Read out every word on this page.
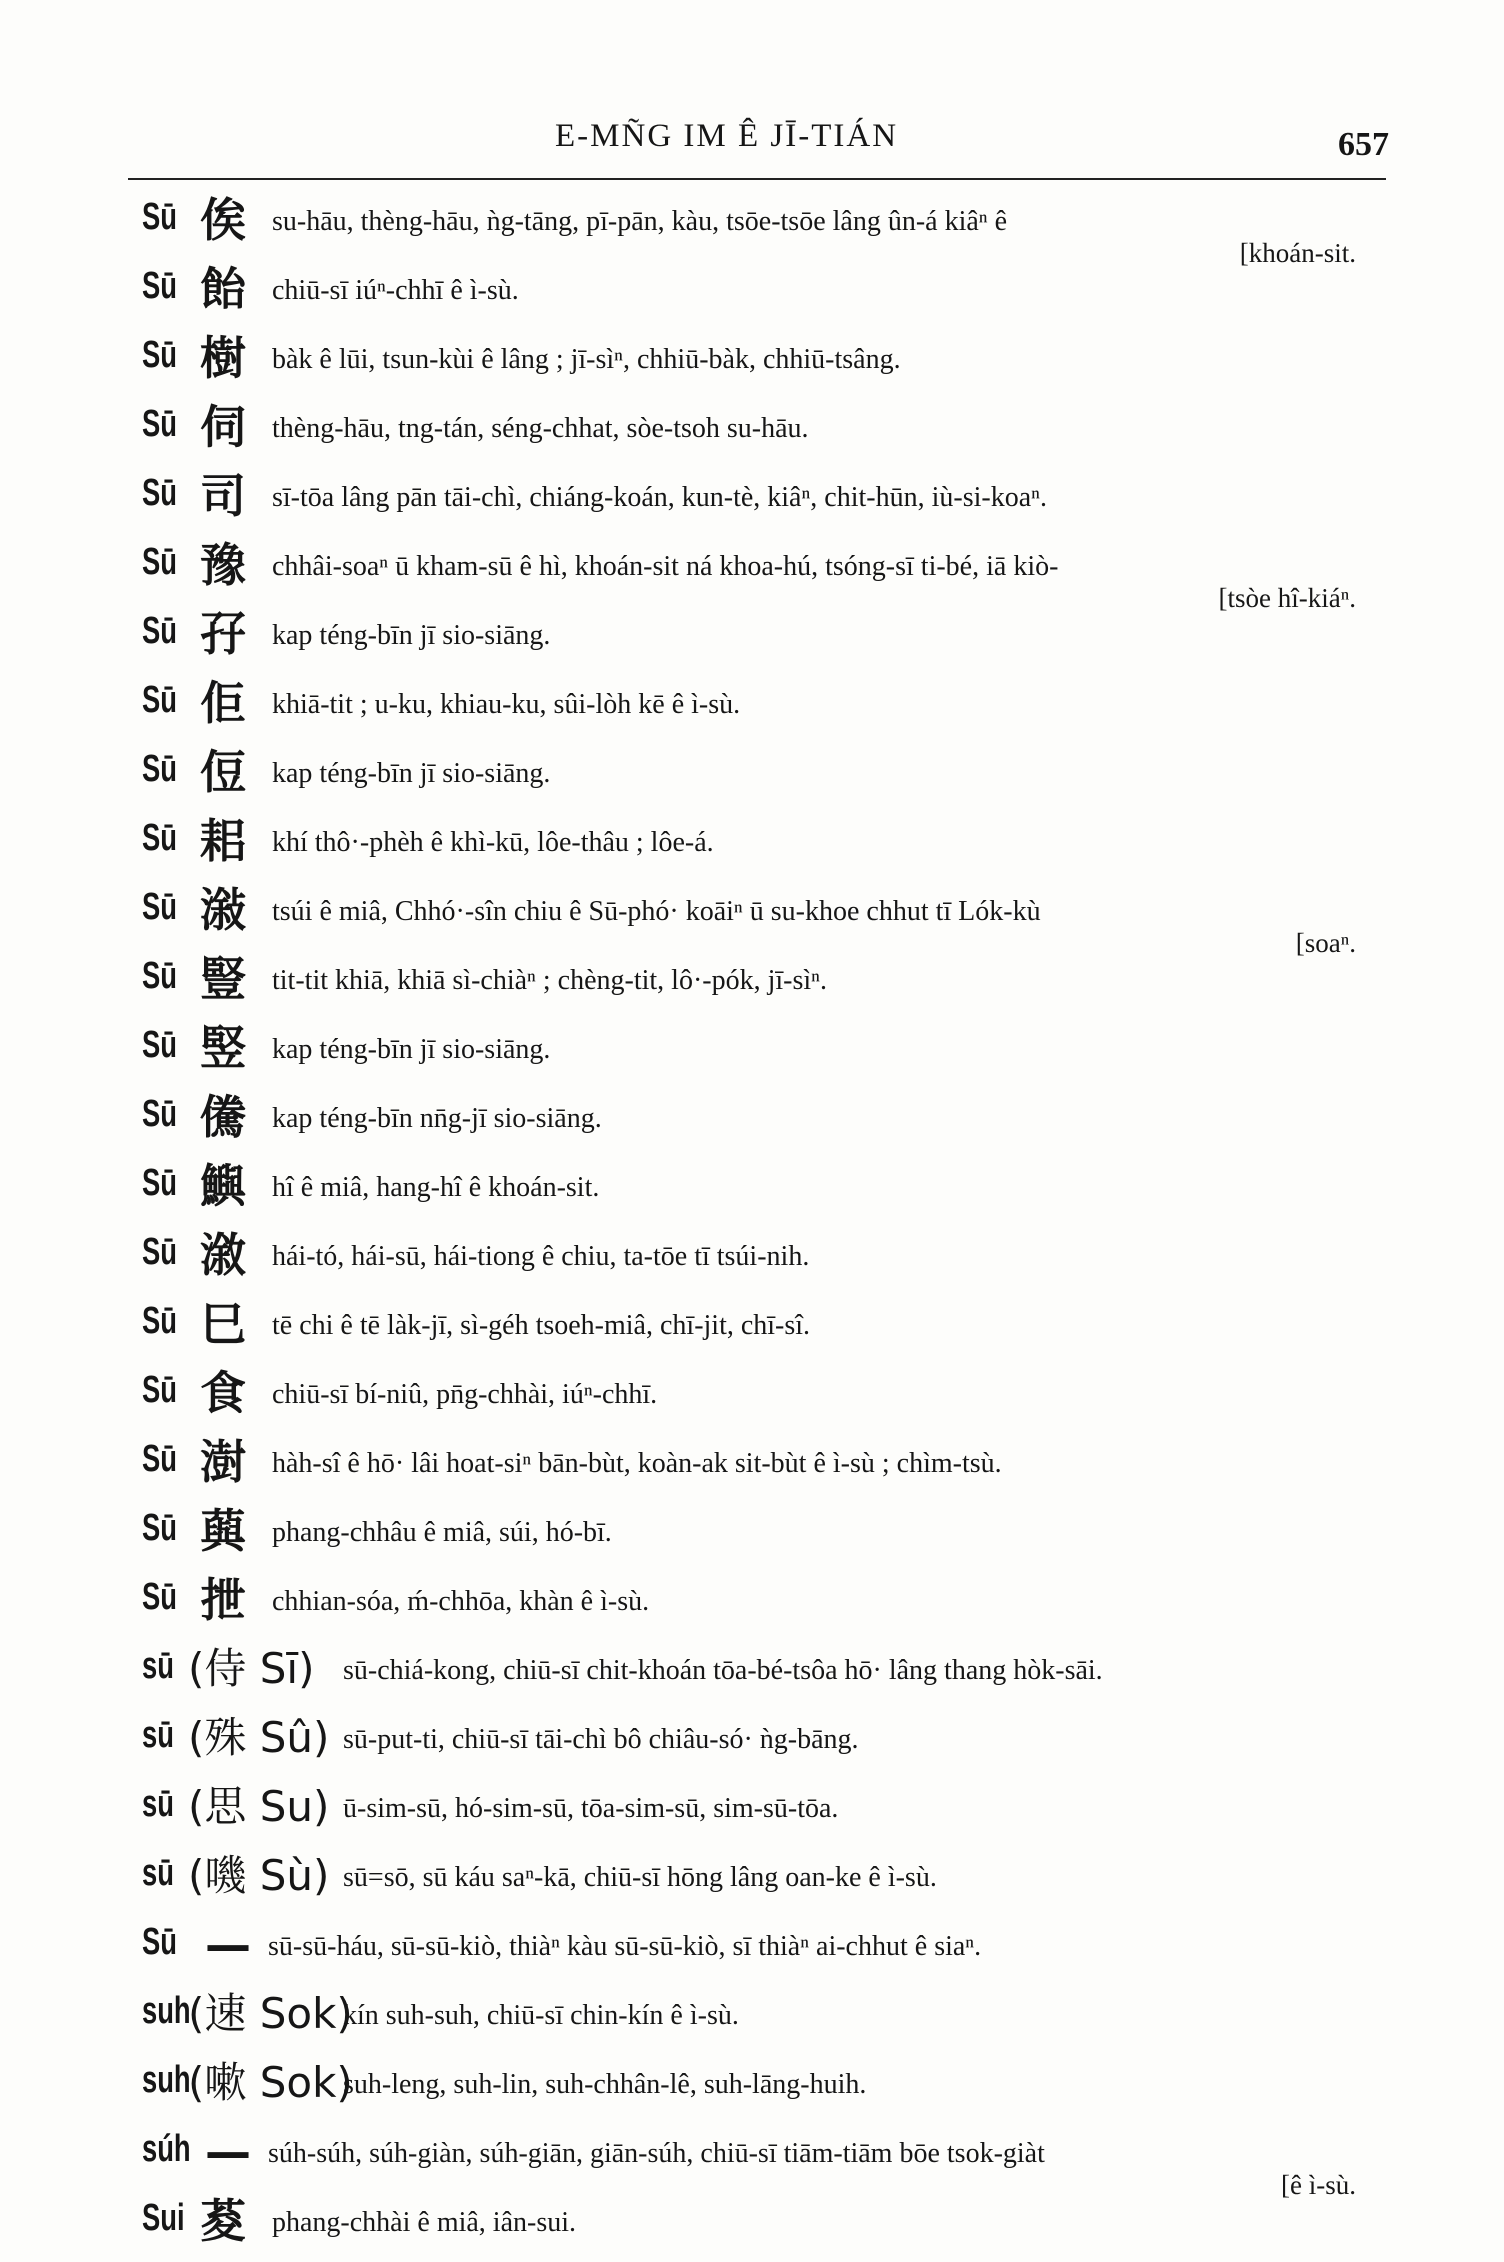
E-MÑG IM Ê JĪ-TIÁN	657
Sū 俟 su-hāu, thèng-hāu, ǹg-tāng, pī-pān, kàu, tsōe-tsōe lâng ûn-á kiâⁿ ê
[khoán-sit.
Sū 飴 chiū-sī iúⁿ-chhī ê ì-sù.
Sū 樹 bàk ê lūi, tsun-kùi ê lâng ; jī-sìⁿ, chhiū-bàk, chhiū-tsâng.
Sū 伺 thèng-hāu, tng-tán, séng-chhat, sòe-tsoh su-hāu.
Sū 司 sī-tōa lâng pān tāi-chì, chiáng-koán, kun-tè, kiâⁿ, chit-hūn, iù-si-koaⁿ.
Sū 豫 chhâi-soaⁿ ū kham-sū ê hì, khoán-sit ná khoa-hú, tsóng-sī ti-bé, iā kiò-
[tsòe hî-kiáⁿ.
Sū 孖 kap téng-bīn jī sio-siāng.
Sū 佢 khiā-tit ; u-ku, khiau-ku, sûi-lòh kē ê ì-sù.
Sū 侸 kap téng-bīn jī sio-siāng.
Sū 耜 khí thô·-phèh ê khì-kū, lôe-thâu ; lôe-á.
Sū 潊 tsúi ê miâ, Chhó·-sîn chiu ê Sū-phó· koāiⁿ ū su-khoe chhut tī Lók-kù
[soaⁿ.
Sū 豎 tit-tit khiā, khiā sì-chiàⁿ ; chèng-tit, lô·-pók, jī-sìⁿ.
Sū 竪 kap téng-bīn jī sio-siāng.
Sū 儯 kap téng-bīn nn̄g-jī sio-siāng.
Sū 鱮 hî ê miâ, hang-hî ê khoán-sit.
Sū 漵 hái-tó, hái-sū, hái-tiong ê chiu, ta-tōe tī tsúi-nih.
Sū 巳 tē chi ê tē làk-jī, sì-géh tsoeh-miâ, chī-jit, chī-sî.
Sū 食 chiū-sī bí-niû, pn̄g-chhài, iúⁿ-chhī.
Sū 澍 hàh-sî ê hō· lâi hoat-siⁿ bān-bùt, koàn-ak sit-bùt ê ì-sù ; chìm-tsù.
Sū 藇 phang-chhâu ê miâ, súi, hó-bī.
Sū 抴 chhian-sóa, ḿ-chhōa, khàn ê ì-sù.
sū (侍 Sī) sū-chiá-kong, chiū-sī chit-khoán tōa-bé-tsôa hō· lâng thang hòk-sāi.
sū (殊 Sû) sū-put-ti, chiū-sī tāi-chì bô chiâu-só· ǹg-bāng.
sū (思 Su) ū-sim-sū, hó-sim-sū, tōa-sim-sū, sim-sū-tōa.
sū (嘰 Sù) sū=sō, sū káu saⁿ-kā, chiū-sī hōng lâng oan-ke ê ì-sù.
Sū — sū-sū-háu, sū-sū-kiò, thiàⁿ kàu sū-sū-kiò, sī thiàⁿ ai-chhut ê siaⁿ.
suh
(速 Sok)
kín suh-suh, chiū-sī chin-kín ê ì-sù.
suh
(嗽 Sok)
suh-leng, suh-lin, suh-chhân-lê, suh-lāng-huih.
súh — súh-súh, súh-giàn, súh-giān, giān-súh, chiū-sī tiām-tiām bōe tsok-giàt
[ê ì-sù.
Sui 荾 phang-chhài ê miâ, iân-sui.
